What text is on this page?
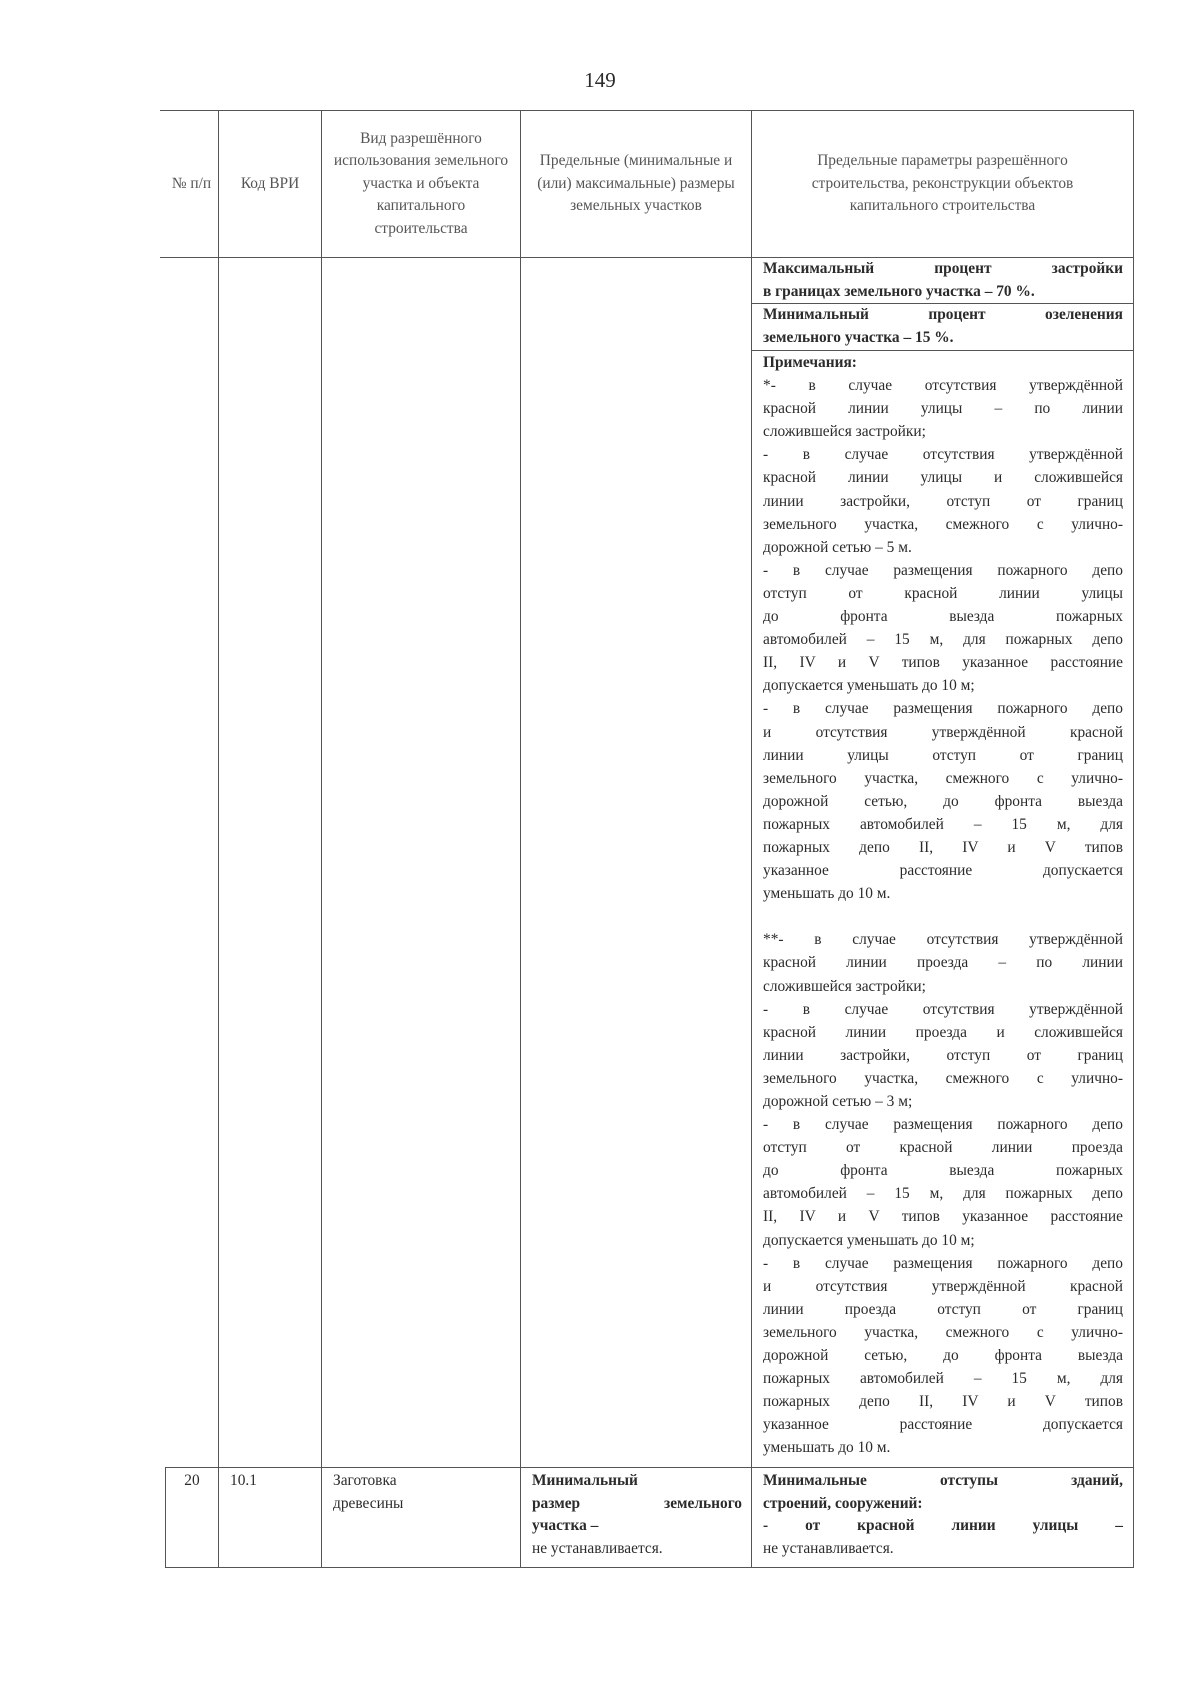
149
№ п/п Код ВРИ
Вид разрешённого использования земельного участка и объекта капитального строительства
Предельные (минимальные и (или) максимальные) размеры земельных участков
Предельные параметры разрешённого строительства, реконструкции объектов капитального строительства
Максимальный процент застройки
в границах земельного участка – 70 %.
Минимальный процент озеленения
земельного участка – 15 %.
Примечания:
*- в случае отсутствия утверждённой
красной линии улицы – по линии
сложившейся застройки;
- в случае отсутствия утверждённой
красной линии улицы и сложившейся
линии застройки, отступ от границ
земельного участка, смежного с улично-
дорожной сетью – 5 м.
- в случае размещения пожарного депо
отступ от красной линии улицы
до фронта выезда пожарных
автомобилей – 15 м, для пожарных депо
II, IV и V типов указанное расстояние
допускается уменьшать до 10 м;
- в случае размещения пожарного депо
и отсутствия утверждённой красной
линии улицы отступ от границ
земельного участка, смежного с улично-
дорожной сетью, до фронта выезда
пожарных автомобилей – 15 м, для
пожарных депо II, IV и V типов
указанное расстояние допускается
уменьшать до 10 м.
**- в случае отсутствия утверждённой
красной линии проезда – по линии
сложившейся застройки;
- в случае отсутствия утверждённой
красной линии проезда и сложившейся
линии застройки, отступ от границ
земельного участка, смежного с улично-
дорожной сетью – 3 м;
- в случае размещения пожарного депо
отступ от красной линии проезда
до фронта выезда пожарных
автомобилей – 15 м, для пожарных депо
II, IV и V типов указанное расстояние
допускается уменьшать до 10 м;
- в случае размещения пожарного депо
и отсутствия утверждённой красной
линии проезда отступ от границ
земельного участка, смежного с улично-
дорожной сетью, до фронта выезда
пожарных автомобилей – 15 м, для
пожарных депо II, IV и V типов
указанное расстояние допускается
уменьшать до 10 м.
20	10.1	Заготовка
древесины
Минимальный
размер земельного
участка –
не устанавливается.
Минимальные отступы зданий,
строений, сооружений:
- от красной линии улицы –
не устанавливается.
